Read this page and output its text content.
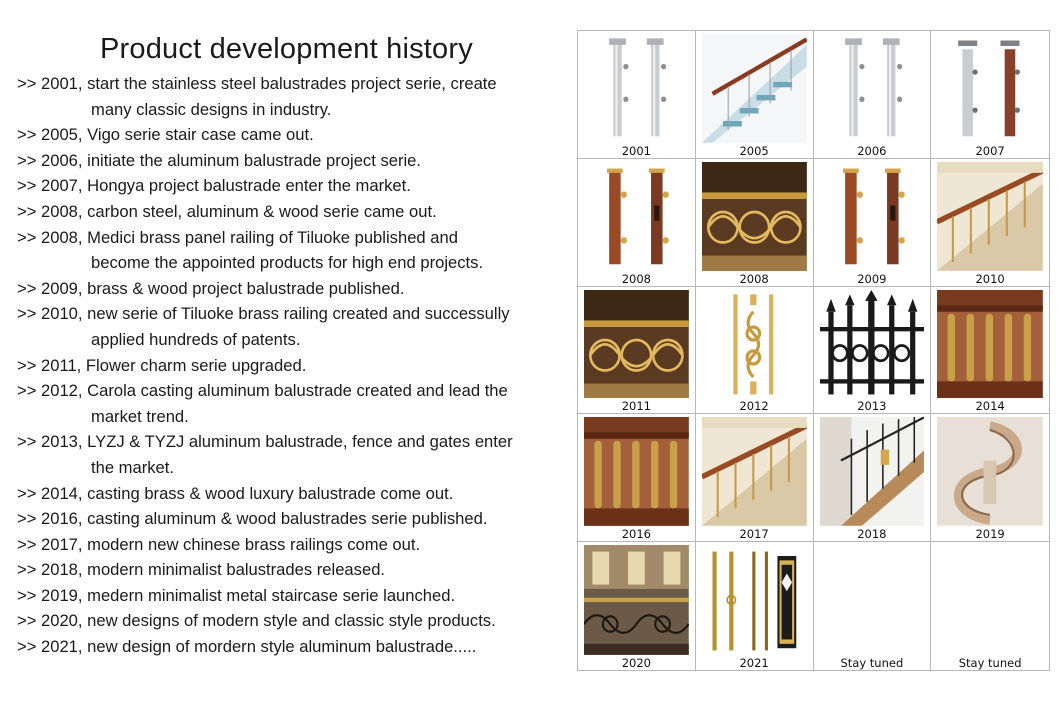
Product development history
>> 2001, start the stainless steel balustrades project serie, create
many classic designs in industry.
>> 2005, Vigo serie stair case came out.
>> 2006, initiate the aluminum balustrade project serie.
>> 2007, Hongya project balustrade enter the market.
>> 2008, carbon steel, aluminum & wood serie came out.
>> 2008, Medici brass panel railing of Tiluoke published and
become the appointed products for high end projects.
>> 2009, brass & wood project balustrade published.
>> 2010, new serie of Tiluoke brass railing created and successully
applied hundreds of patents.
>> 2011, Flower charm serie upgraded.
>> 2012, Carola casting aluminum balustrade created and lead the
market trend.
>> 2013, LYZJ & TYZJ aluminum balustrade, fence and gates enter
the market.
>> 2014, casting brass & wood luxury balustrade come out.
>> 2016, casting aluminum & wood balustrades serie published.
>> 2017, modern new chinese brass railings come out.
>> 2018, modern minimalist balustrades released.
>> 2019, medern minimalist metal staircase serie launched.
>> 2020, new designs of modern style and classic style products.
>> 2021, new design of mordern style aluminum balustrade.....
2001	2005	2006	2007
2008	2008	2009	2010
2011	2012	2013	2014
2016	2017	2018	2019
2020	2021	Stay tuned	Stay tuned
